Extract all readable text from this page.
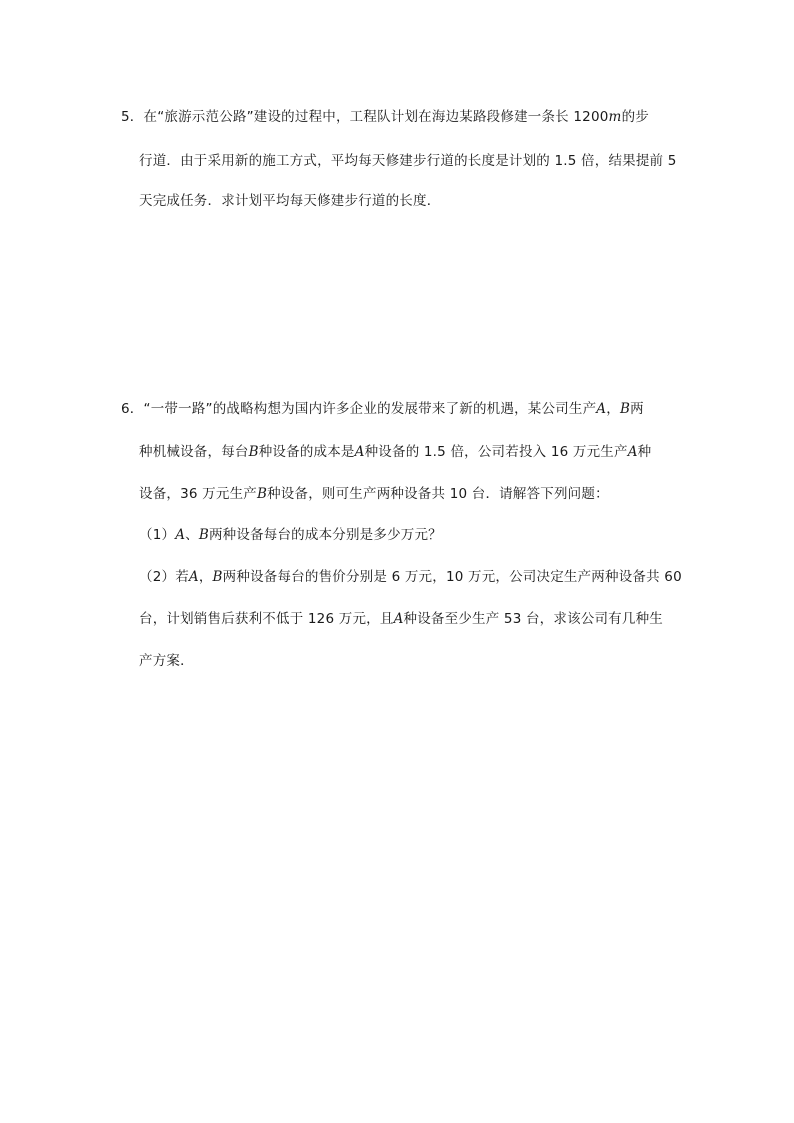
5．在“旅游示范公路”建设的过程中，工程队计划在海边某路段修建一条长 1200m的步
行道．由于采用新的施工方式，平均每天修建步行道的长度是计划的 1.5 倍，结果提前 5
天完成任务．求计划平均每天修建步行道的长度．
6．“一带一路”的战略构想为国内许多企业的发展带来了新的机遇，某公司生产A，B两
种机械设备，每台B种设备的成本是A种设备的 1.5 倍，公司若投入 16 万元生产A种
设备，36 万元生产B种设备，则可生产两种设备共 10 台．请解答下列问题：
（1）A、B两种设备每台的成本分别是多少万元？
（2）若A，B两种设备每台的售价分别是 6 万元，10 万元，公司决定生产两种设备共 60
台，计划销售后获利不低于 126 万元，且A种设备至少生产 53 台，求该公司有几种生
产方案．
